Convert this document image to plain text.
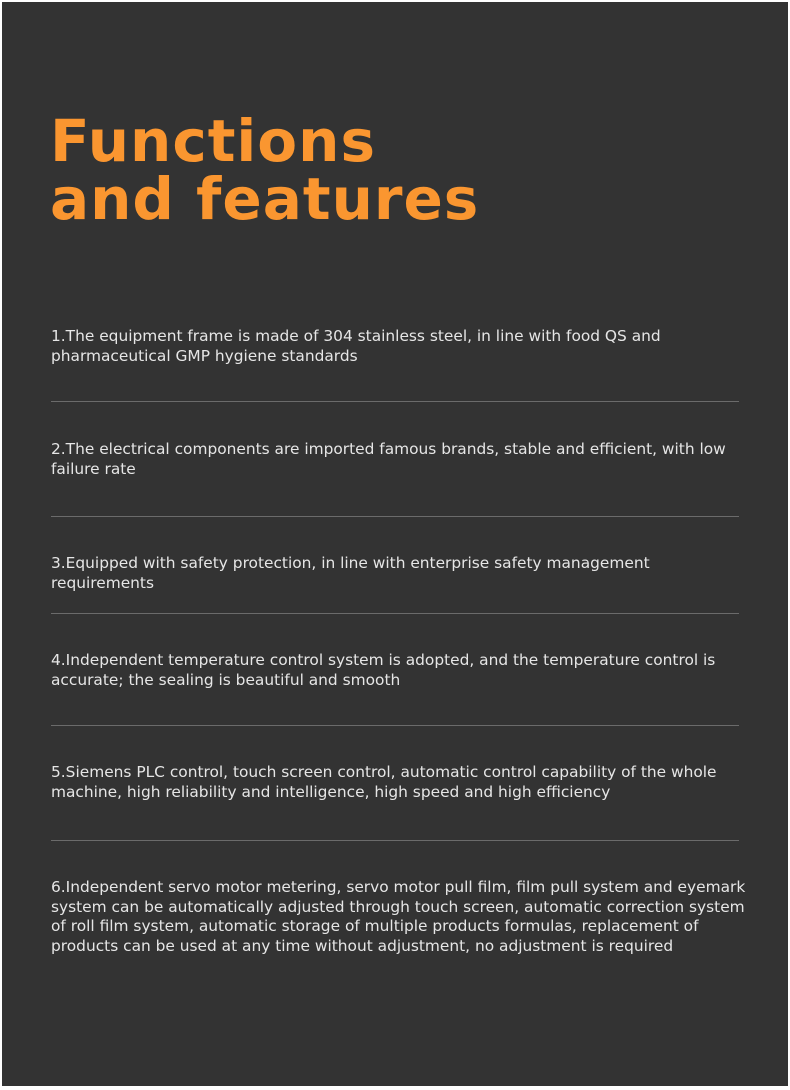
Functions
and features

1.The equipment frame is made of 304 stainless steel, in line with food QS and pharmaceutical GMP hygiene standards

2.The electrical components are imported famous brands, stable and efficient, with low failure rate

3.Equipped with safety protection, in line with enterprise safety management requirements

4.Independent temperature control system is adopted, and the temperature control is accurate; the sealing is beautiful and smooth

5.Siemens PLC control, touch screen control, automatic control capability of the whole machine, high reliability and intelligence, high speed and high efficiency

6.Independent servo motor metering, servo motor pull film, film pull system and eyemark system can be automatically adjusted through touch screen, automatic correction system of roll film system, automatic storage of multiple products formulas, replacement of products can be used at any time without adjustment, no adjustment is required
